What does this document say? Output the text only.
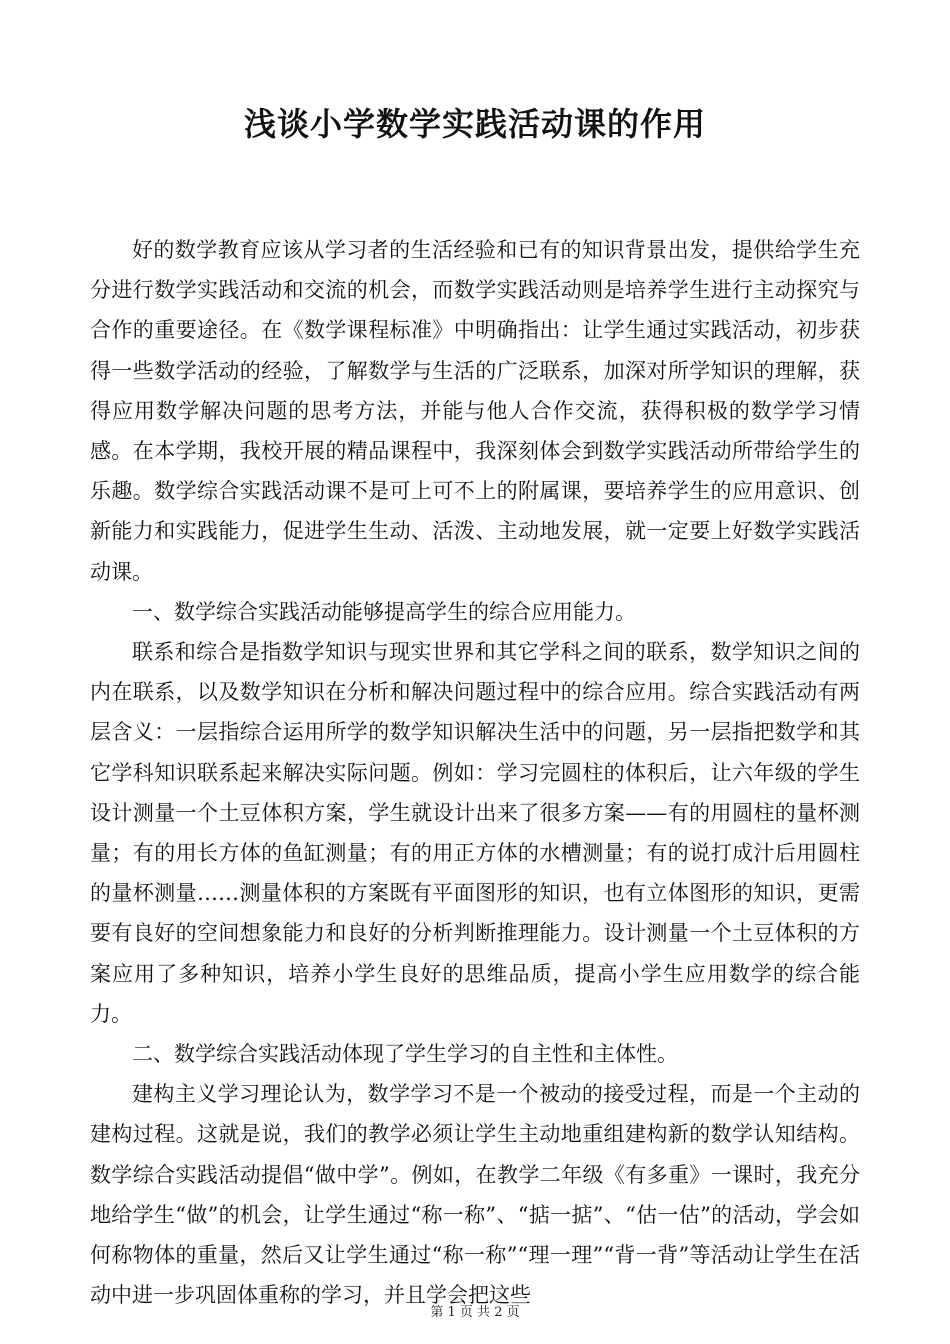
浅谈小学数学实践活动课的作用

好的数学教育应该从学习者的生活经验和已有的知识背景出发，提供给学生充分进行数学实践活动和交流的机会，而数学实践活动则是培养学生进行主动探究与合作的重要途径。在《数学课程标准》中明确指出：让学生通过实践活动，初步获得一些数学活动的经验，了解数学与生活的广泛联系，加深对所学知识的理解，获得应用数学解决问题的思考方法，并能与他人合作交流，获得积极的数学学习情感。在本学期，我校开展的精品课程中，我深刻体会到数学实践活动所带给学生的乐趣。数学综合实践活动课不是可上可不上的附属课，要培养学生的应用意识、创新能力和实践能力，促进学生生动、活泼、主动地发展，就一定要上好数学实践活动课。

一、数学综合实践活动能够提高学生的综合应用能力。

联系和综合是指数学知识与现实世界和其它学科之间的联系，数学知识之间的内在联系，以及数学知识在分析和解决问题过程中的综合应用。综合实践活动有两层含义：一层指综合运用所学的数学知识解决生活中的问题，另一层指把数学和其它学科知识联系起来解决实际问题。例如：学习完圆柱的体积后，让六年级的学生设计测量一个土豆体积方案，学生就设计出来了很多方案——有的用圆柱的量杯测量；有的用长方体的鱼缸测量；有的用正方体的水槽测量；有的说打成汁后用圆柱的量杯测量……测量体积的方案既有平面图形的知识，也有立体图形的知识，更需要有良好的空间想象能力和良好的分析判断推理能力。设计测量一个土豆体积的方案应用了多种知识，培养小学生良好的思维品质，提高小学生应用数学的综合能力。

二、数学综合实践活动体现了学生学习的自主性和主体性。

建构主义学习理论认为，数学学习不是一个被动的接受过程，而是一个主动的建构过程。这就是说，我们的教学必须让学生主动地重组建构新的数学认知结构。数学综合实践活动提倡“做中学”。例如，在教学二年级《有多重》一课时，我充分地给学生“做”的机会，让学生通过“称一称”、“掂一掂”、“估一估”的活动，学会如何称物体的重量，然后又让学生通过“称一称”“理一理”“背一背”等活动让学生在活动中进一步巩固体重称的学习，并且学会把这些

第 1 页 共 2 页
